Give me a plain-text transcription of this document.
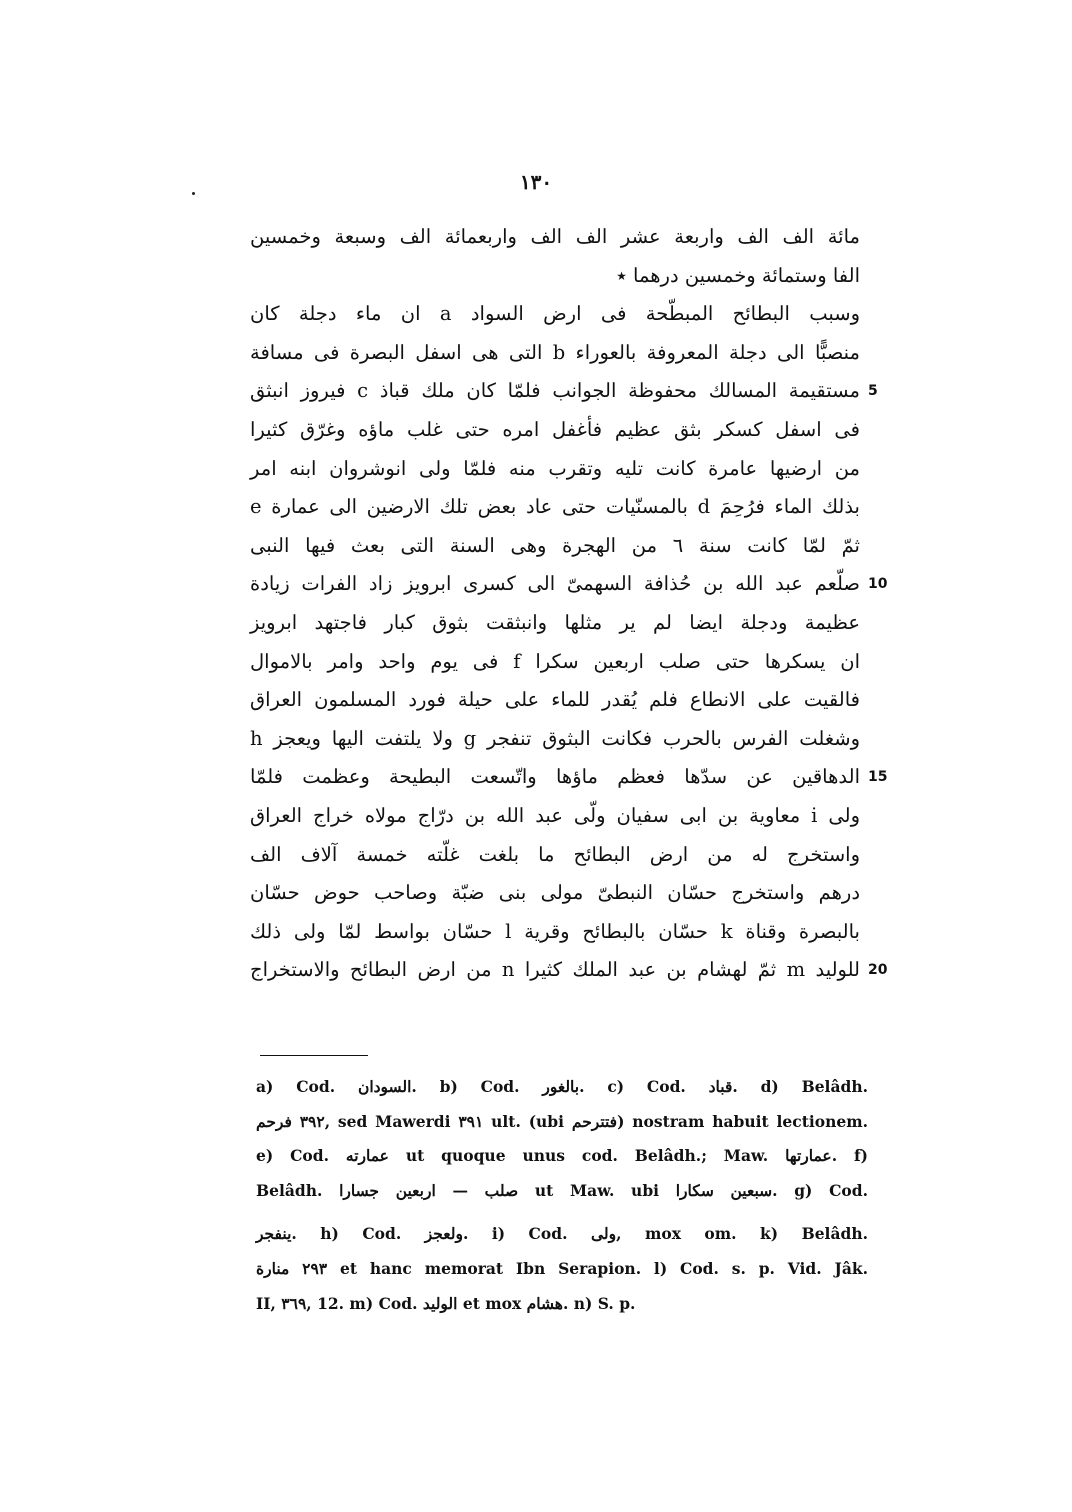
١٣٠
مائة الف الف واربعة عشر الف الف واربعمائة الف وسبعة وخمسين
الفا وستمائة وخمسين درهما ٭
وسبب البطائح المبطّحة فى ارض السواد a ان ماء دجلة كان
منصبًّا الى دجلة المعروفة بالعوراء b التى هى اسفل البصرة فى مسافة
مستقيمة المسالك محفوظة الجوانب فلمّا كان ملك قباذ c فيروز انبثق 5
فى اسفل كسكر بثق عظيم فأغفل امره حتى غلب ماؤه وغرّق كثيرا
من ارضيها عامرة كانت تليه وتقرب منه فلمّا ولى انوشروان ابنه امر
بذلك الماء فرُحِمَ d بالمسنّيات حتى عاد بعض تلك الارضين الى عمارة e
ثمّ لمّا كانت سنة ٦ من الهجرة وهى السنة التى بعث فيها النبى
صلّعم عبد الله بن حُذافة السهمىّ الى كسرى ابرويز زاد الفرات زيادة 10
عظيمة ودجلة ايضا لم ير مثلها وانبثقت بثوق كبار فاجتهد ابرويز
ان يسكرها حتى صلب اربعين سكرا f فى يوم واحد وامر بالاموال
فالقيت على الانطاع فلم يُقدر للماء على حيلة فورد المسلمون العراق
وشغلت الفرس بالحرب فكانت البثوق تنفجر g ولا يلتفت اليها ويعجز h
الدهاقين عن سدّها فعظم ماؤها واتّسعت البطيحة وعظمت فلمّا 15
ولى i معاوية بن ابى سفيان ولّى عبد الله بن درّاج مولاه خراج العراق
واستخرج له من ارض البطائح ما بلغت غلّته خمسة آلاف الف
درهم واستخرج حسّان النبطىّ مولى بنى ضبّة وصاحب حوض حسّان
بالبصرة وقناة k حسّان بالبطائح وقرية l حسّان بواسط لمّا ولى ذلك
للوليد m ثمّ لهشام بن عبد الملك كثيرا n من ارض البطائح والاستخراج 20
a) Cod. السودان. b) Cod. بالغور. c) Cod. قباد. d) Belâdh.
٣٩٢ فرحم, sed Mawerdi ٣٩١ ult. (ubi فتترحم) nostram habuit lectionem.
e) Cod. عمارته ut quoque unus cod. Belâdh.; Maw. عمارتها. f)
Belâdh. صلب — اربعين جسارا ut Maw. ubi سبعين سكارا. g) Cod.
ينفجر. h) Cod. ولعجز. i) Cod. ولى, mox om. k) Belâdh.
٢٩٣ منارة et hanc memorat Ibn Serapion. l) Cod. s. p. Vid. Jâk.
II, ٣٦٩, 12. m) Cod. الوليد et mox هشام. n) S. p.
